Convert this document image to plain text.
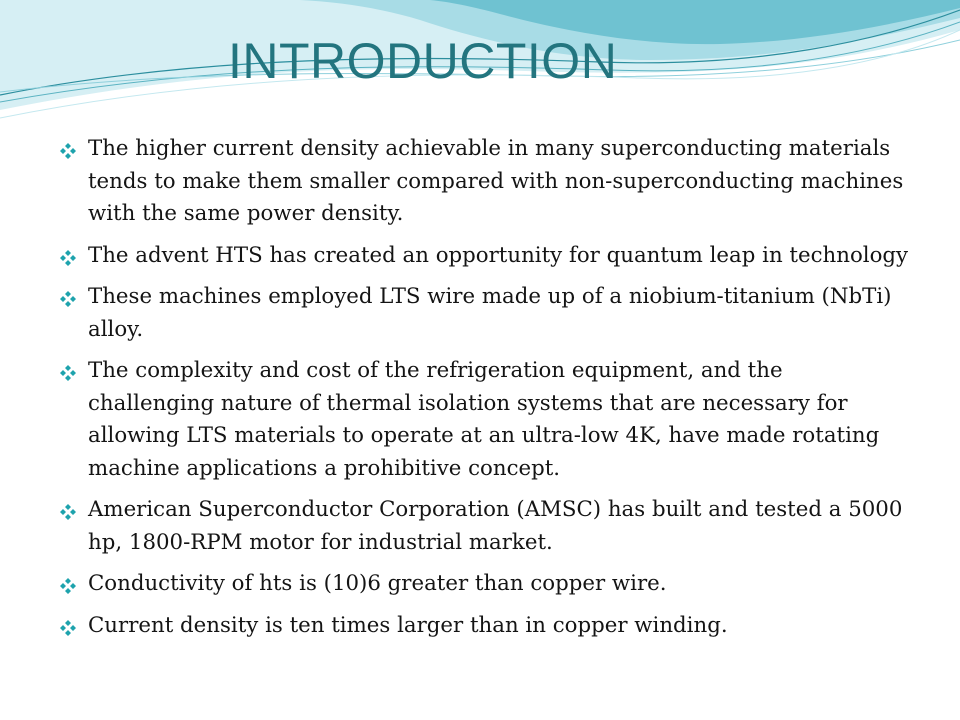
INTRODUCTION
The higher current density achievable in many superconducting materials tends to make them smaller compared with non-superconducting machines with the same power density.
The advent HTS has created an opportunity for quantum leap in technology
These machines employed LTS wire made up of a niobium-titanium (NbTi) alloy.
The complexity and cost of the refrigeration equipment, and the challenging nature of thermal isolation systems that are necessary for allowing LTS materials to operate at an ultra-low 4K, have made rotating machine applications a prohibitive concept.
American Superconductor Corporation (AMSC) has built and tested a 5000 hp, 1800-RPM motor for industrial market.
Conductivity of hts is (10)6 greater than copper wire.
Current density is ten times larger than in copper winding.
